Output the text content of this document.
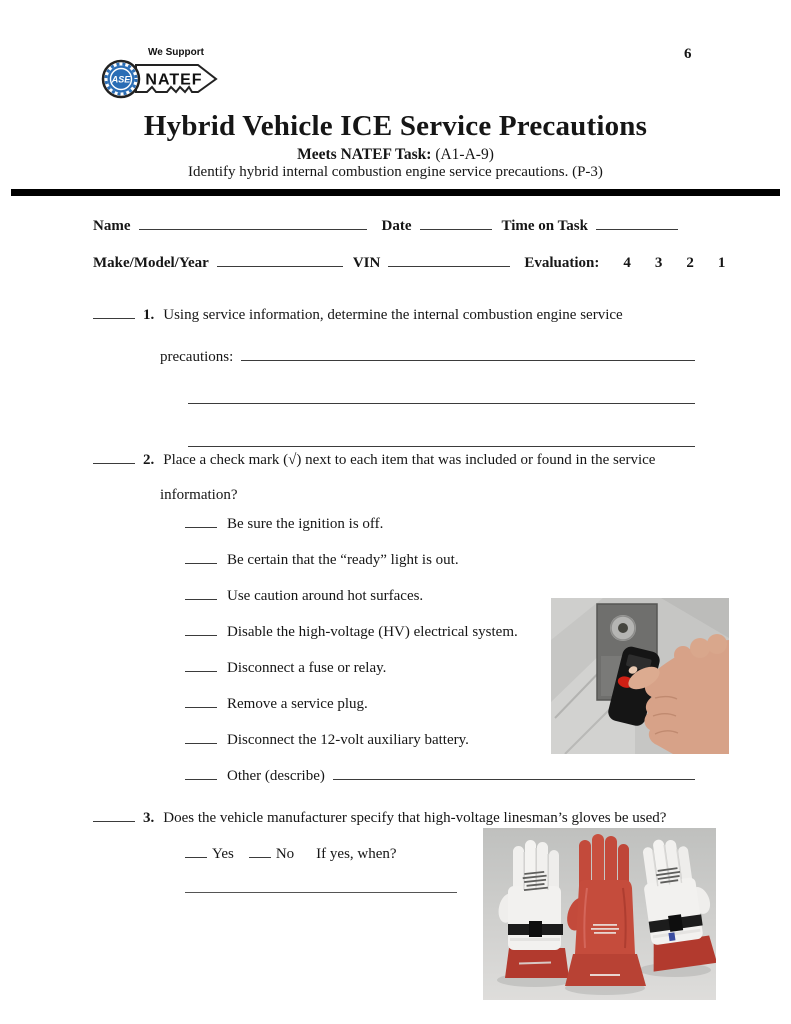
6
ASE
We Support
NATEF
Hybrid Vehicle ICE Service Precautions
Meets NATEF Task: (A1-A-9)
Identify hybrid internal combustion engine service precautions. (P-3)
Name	Date	Time on Task
Make/Model/Year	VIN	Evaluation: 4 3 2 1
1. Using service information, determine the internal combustion engine service
precautions:
2. Place a check mark (√) next to each item that was included or found in the service
information?
Be sure the ignition is off.
Be certain that the “ready” light is out.
Use caution around hot surfaces.
Disable the high-voltage (HV) electrical system.
Disconnect a fuse or relay.
Remove a service plug.
Disconnect the 12-volt auxiliary battery.
Other (describe)
3. Does the vehicle manufacturer specify that high-voltage linesman’s gloves be used?
Yes	No If yes, when?
